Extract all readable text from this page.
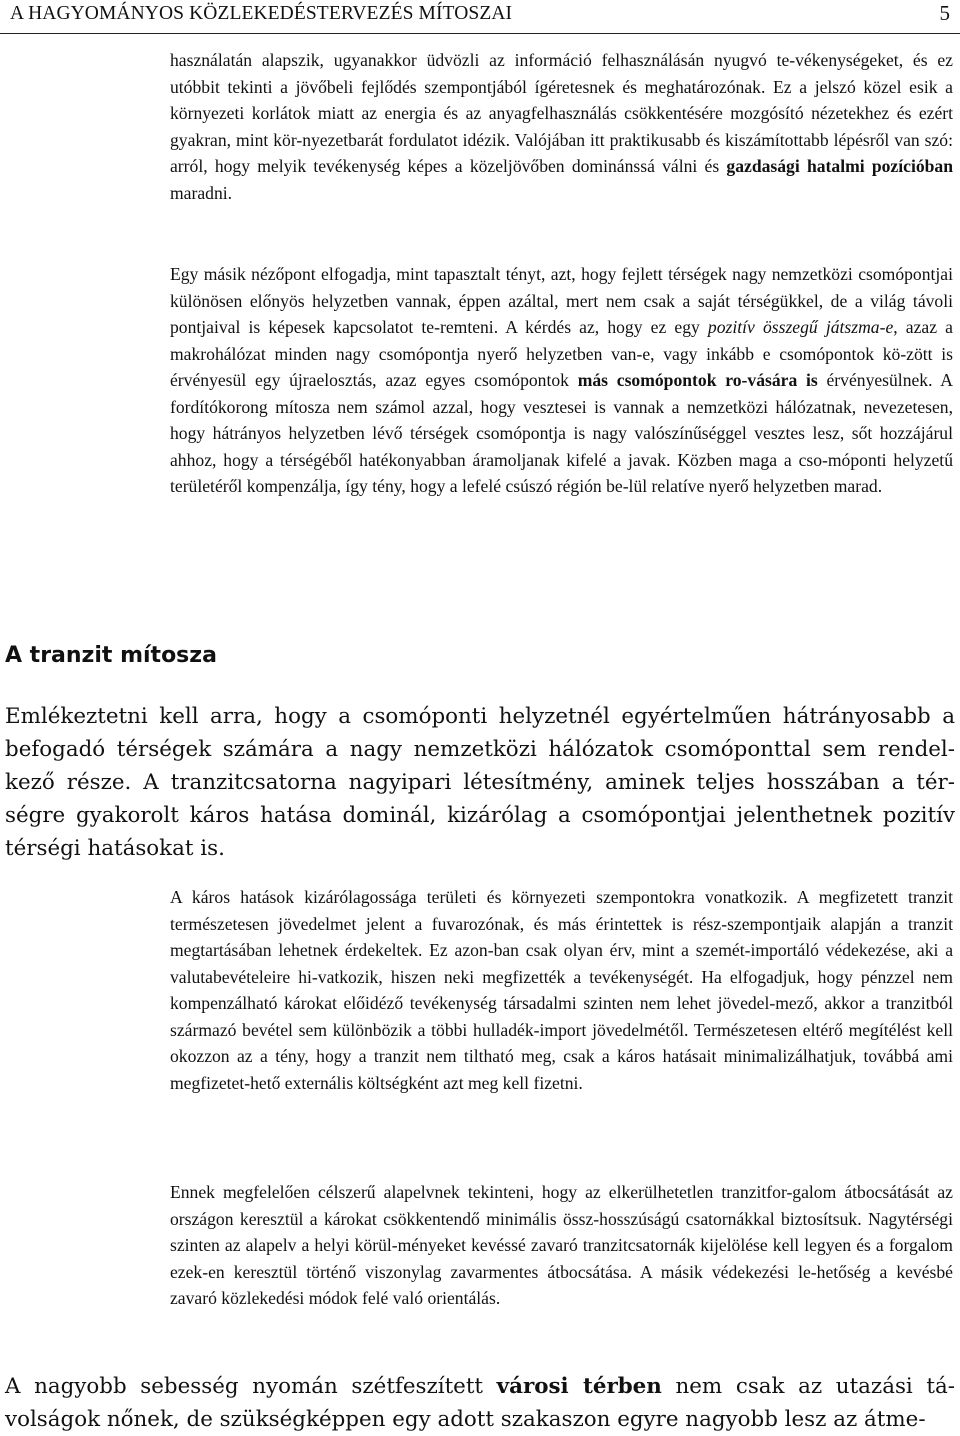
A HAGYOMÁNYOS KÖZLEKEDÉSTERVEZÉS MÍTOSZAI	5

használatán alapszik, ugyanakkor üdvözli az információ felhasználásán nyugvó te-vékenységeket, és ez utóbbit tekinti a jövőbeli fejlődés szempontjából ígéretesnek és meghatározónak. Ez a jelszó közel esik a környezeti korlátok miatt az energia és az anyagfelhasználás csökkentésére mozgósító nézetekhez és ezért gyakran, mint kör-nyezetbarát fordulatot idézik. Valójában itt praktikusabb és kiszámítottabb lépésről van szó: arról, hogy melyik tevékenység képes a közeljövőben dominánssá válni és gazdasági hatalmi pozícióban maradni.

Egy másik nézőpont elfogadja, mint tapasztalt tényt, azt, hogy fejlett térségek nagy nemzetközi csomópontjai különösen előnyös helyzetben vannak, éppen azáltal, mert nem csak a saját térségükkel, de a világ távoli pontjaival is képesek kapcsolatot te-remteni. A kérdés az, hogy ez egy pozitív összegű játszma-e, azaz a makrohálózat minden nagy csomópontja nyerő helyzetben van-e, vagy inkább e csomópontok kö-zött is érvényesül egy újraelosztás, azaz egyes csomópontok más csomópontok ro-vására is érvényesülnek. A fordítókorong mítosza nem számol azzal, hogy vesztesei is vannak a nemzetközi hálózatnak, nevezetesen, hogy hátrányos helyzetben lévő térségek csomópontja is nagy valószínűséggel vesztes lesz, sőt hozzájárul ahhoz, hogy a térségéből hatékonyabban áramoljanak kifelé a javak. Közben maga a cso-móponti helyzetű területéről kompenzálja, így tény, hogy a lefelé csúszó régión be-lül relatíve nyerő helyzetben marad.

A tranzit mítosza

Emlékeztetni kell arra, hogy a csomóponti helyzetnél egyértelműen hátrányosabb a befogadó térségek számára a nagy nemzetközi hálózatok csomóponttal sem rendel-kező része. A tranzitcsatorna nagyipari létesítmény, aminek teljes hosszában a tér-ségre gyakorolt káros hatása dominál, kizárólag a csomópontjai jelenthetnek pozitív térségi hatásokat is.

A káros hatások kizárólagossága területi és környezeti szempontokra vonatkozik. A megfizetett tranzit természetesen jövedelmet jelent a fuvarozónak, és más érintettek is rész-szempontjaik alapján a tranzit megtartásában lehetnek érdekeltek. Ez azon-ban csak olyan érv, mint a szemét-importáló védekezése, aki a valutabevételeire hi-vatkozik, hiszen neki megfizették a tevékenységét. Ha elfogadjuk, hogy pénzzel nem kompenzálható károkat előidéző tevékenység társadalmi szinten nem lehet jövedel-mező, akkor a tranzitból származó bevétel sem különbözik a többi hulladék-import jövedelmétől. Természetesen eltérő megítélést kell okozzon az a tény, hogy a tranzit nem tiltható meg, csak a káros hatásait minimalizálhatjuk, továbbá ami megfizetet-hető externális költségként azt meg kell fizetni.

Ennek megfelelően célszerű alapelvnek tekinteni, hogy az elkerülhetetlen tranzitfor-galom átbocsátását az országon keresztül a károkat csökkentendő minimális össz-hosszúságú csatornákkal biztosítsuk. Nagytérségi szinten az alapelv a helyi körül-ményeket kevéssé zavaró tranzitcsatornák kijelölése kell legyen és a forgalom ezek-en keresztül történő viszonylag zavarmentes átbocsátása. A másik védekezési le-hetőség a kevésbé zavaró közlekedési módok felé való orientálás.

A nagyobb sebesség nyomán szétfeszített városi térben nem csak az utazási tá-volságok nőnek, de szükségképpen egy adott szakaszon egyre nagyobb lesz az átme-
